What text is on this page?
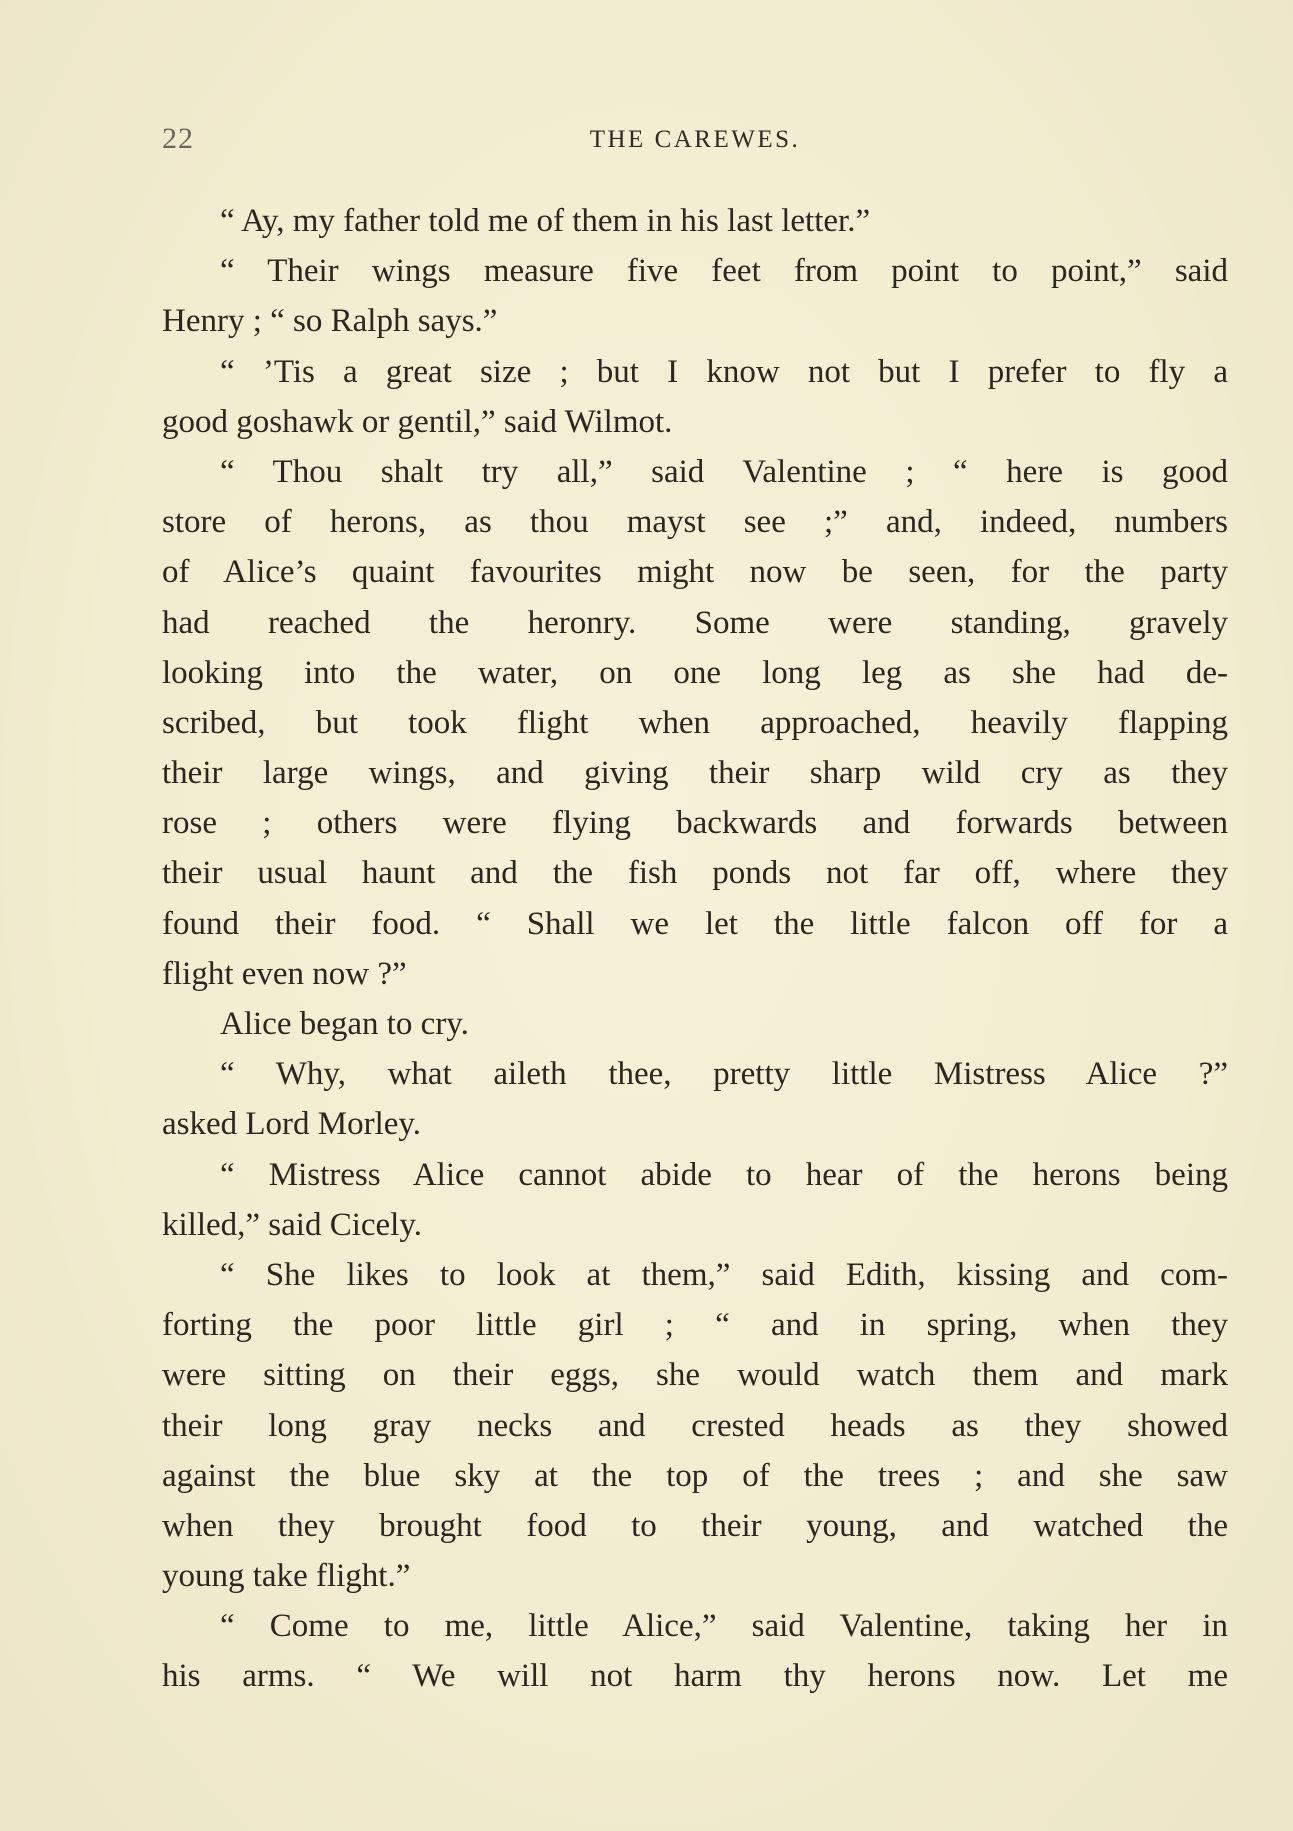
22	THE CAREWES.
“ Ay, my father told me of them in his last letter.”
“ Their wings measure five feet from point to point,” said
Henry ; “ so Ralph says.”
“ ’Tis a great size ; but I know not but I prefer to fly a
good goshawk or gentil,” said Wilmot.
“ Thou shalt try all,” said Valentine ; “ here is good
store of herons, as thou mayst see ;” and, indeed, numbers
of Alice’s quaint favourites might now be seen, for the party
had reached the heronry. Some were standing, gravely
looking into the water, on one long leg as she had de-
scribed, but took flight when approached, heavily flapping
their large wings, and giving their sharp wild cry as they
rose ; others were flying backwards and forwards between
their usual haunt and the fish ponds not far off, where they
found their food. “ Shall we let the little falcon off for a
flight even now ?”
Alice began to cry.
“ Why, what aileth thee, pretty little Mistress Alice ?”
asked Lord Morley.
“ Mistress Alice cannot abide to hear of the herons being
killed,” said Cicely.
“ She likes to look at them,” said Edith, kissing and com-
forting the poor little girl ; “ and in spring, when they
were sitting on their eggs, she would watch them and mark
their long gray necks and crested heads as they showed
against the blue sky at the top of the trees ; and she saw
when they brought food to their young, and watched the
young take flight.”
“ Come to me, little Alice,” said Valentine, taking her in
his arms. “ We will not harm thy herons now. Let me
